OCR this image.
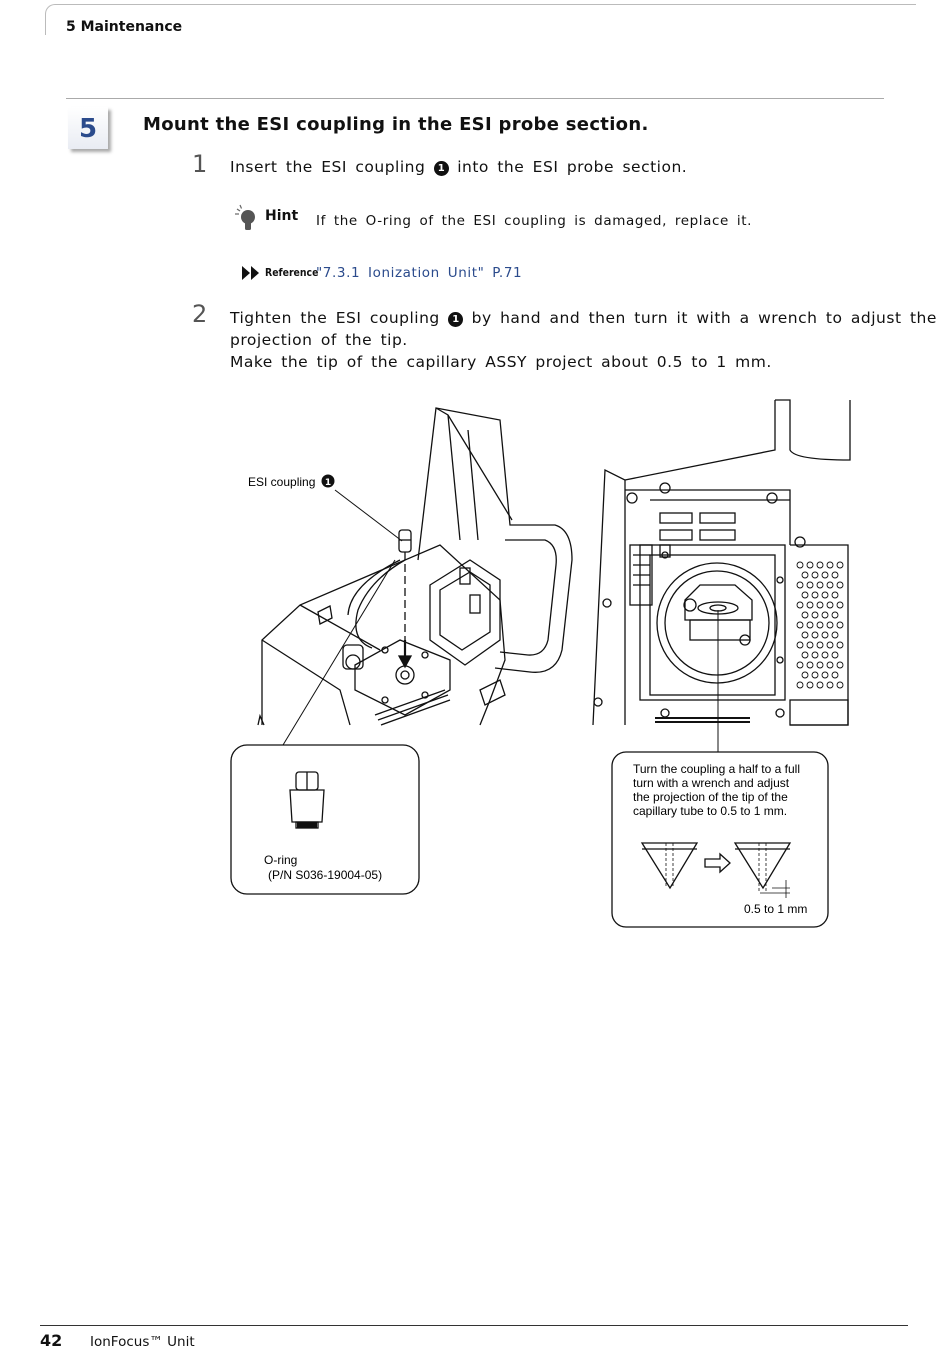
5 Maintenance
5	Mount the ESI coupling in the ESI probe section.
1 Insert the ESI coupling 1 into the ESI probe section.
Hint If the O-ring of the ESI coupling is damaged, replace it.
Reference
"7.3.1 Ionization Unit" P.71
2 Tighten the ESI coupling 1 by hand and then turn it with a wrench to adjust the
projection of the tip.
Make the tip of the capillary ASSY project about 0.5 to 1 mm.
ESI coupling 1
O-ring
(P/N S036-19004-05)
Turn the coupling a half to a full
turn with a wrench and adjust
the projection of the tip of the
capillary tube to 0.5 to 1 mm.
0.5 to 1 mm
42 IonFocus™ Unit
